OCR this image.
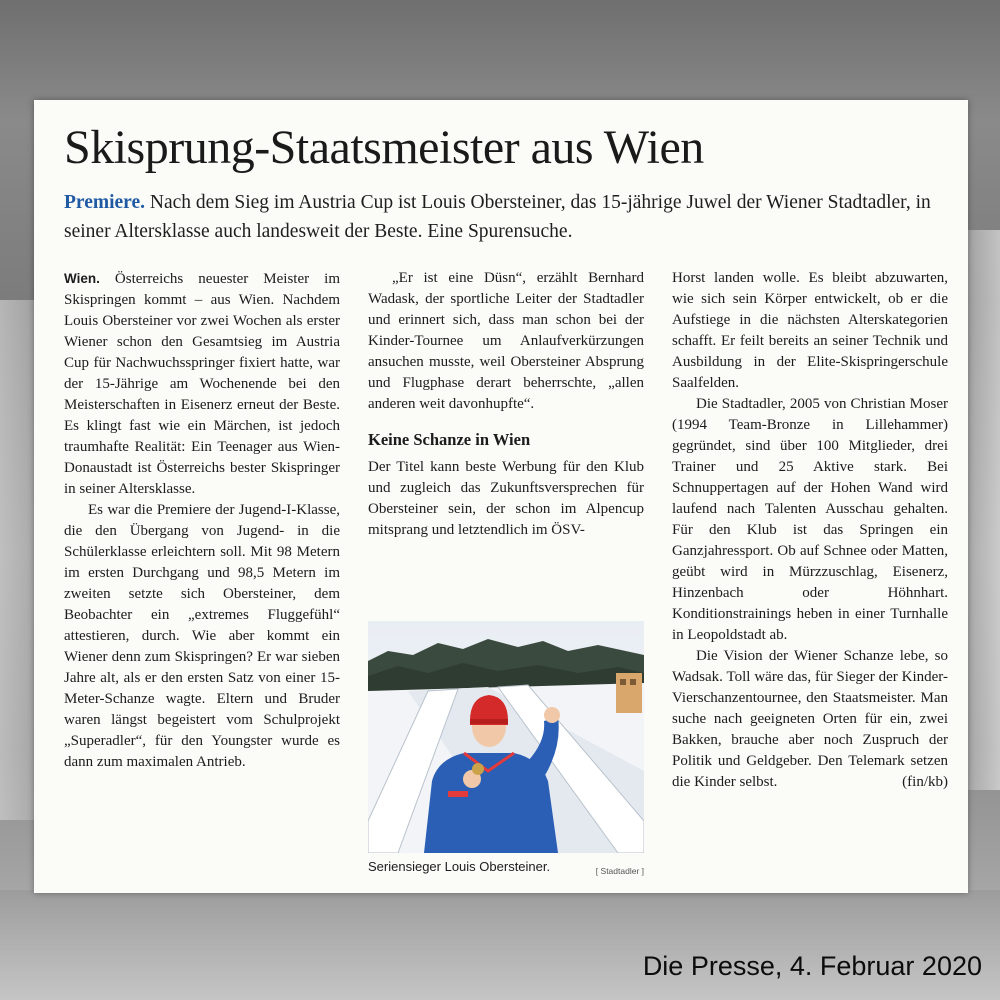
Skisprung-Staatsmeister aus Wien

Premiere. Nach dem Sieg im Austria Cup ist Louis Obersteiner, das 15-jährige Juwel der Wiener Stadtadler, in seiner Altersklasse auch landesweit der Beste. Eine Spurensuche.

Wien. Österreichs neuester Meister im Skispringen kommt – aus Wien. Nachdem Louis Obersteiner vor zwei Wochen als erster Wiener schon den Gesamtsieg im Austria Cup für Nachwuchsspringer fixiert hatte, war der 15-Jährige am Wochenende bei den Meisterschaften in Eisenerz erneut der Beste. Es klingt fast wie ein Märchen, ist jedoch traumhafte Realität: Ein Teenager aus Wien-Donaustadt ist Österreichs bester Skispringer in seiner Altersklasse.

Es war die Premiere der Jugend-I-Klasse, die den Übergang von Jugend- in die Schülerklasse erleichtern soll. Mit 98 Metern im ersten Durchgang und 98,5 Metern im zweiten setzte sich Obersteiner, dem Beobachter ein „extremes Fluggefühl“ attestieren, durch. Wie aber kommt ein Wiener denn zum Skispringen? Er war sieben Jahre alt, als er den ersten Satz von einer 15-Meter-Schanze wagte. Eltern und Bruder waren längst begeistert vom Schulprojekt „Superadler“, für den Youngster wurde es dann zum maximalen Antrieb.

„Er ist eine Düsn“, erzählt Bernhard Wadask, der sportliche Leiter der Stadtadler und erinnert sich, dass man schon bei der Kinder-Tournee um Anlaufverkürzungen ansuchen musste, weil Obersteiner Absprung und Flugphase derart beherrschte, „allen anderen weit davonhupfte“.

Keine Schanze in Wien

Der Titel kann beste Werbung für den Klub und zugleich das Zukunftsversprechen für Obersteiner sein, der schon im Alpencup mitsprang und letztendlich im ÖSV-

Seriensieger Louis Obersteiner.	[ Stadtadler ]

Horst landen wolle. Es bleibt abzuwarten, wie sich sein Körper entwickelt, ob er die Aufstiege in die nächsten Alterskategorien schafft. Er feilt bereits an seiner Technik und Ausbildung in der Elite-Skispringerschule Saalfelden.

Die Stadtadler, 2005 von Christian Moser (1994 Team-Bronze in Lillehammer) gegründet, sind über 100 Mitglieder, drei Trainer und 25 Aktive stark. Bei Schnuppertagen auf der Hohen Wand wird laufend nach Talenten Ausschau gehalten. Für den Klub ist das Springen ein Ganzjahressport. Ob auf Schnee oder Matten, geübt wird in Mürzzuschlag, Eisenerz, Hinzenbach oder Höhnhart. Konditionstrainings heben in einer Turnhalle in Leopoldstadt ab.

Die Vision der Wiener Schanze lebe, so Wadsak. Toll wäre das, für Sieger der Kinder-Vierschanzentournee, den Staatsmeister. Man suche nach geeigneten Orten für ein, zwei Bakken, brauche aber noch Zuspruch der Politik und Geldgeber. Den Telemark setzen die Kinder selbst.	(fin/kb)

Die Presse, 4. Februar 2020
